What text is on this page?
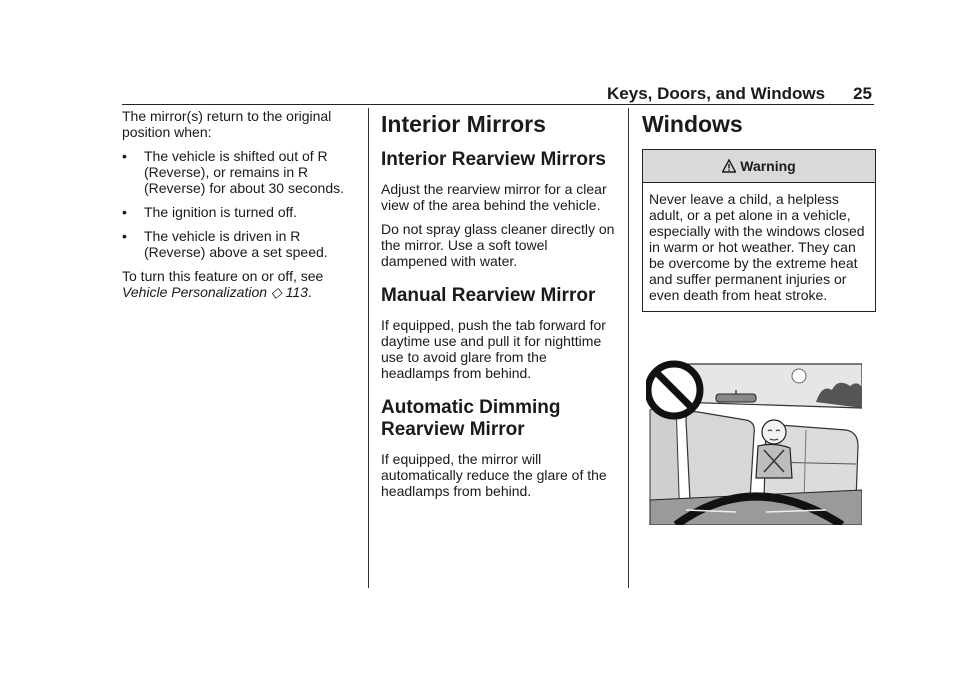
Keys, Doors, and Windows 25

The mirror(s) return to the original position when:

• The vehicle is shifted out of R (Reverse), or remains in R (Reverse) for about 30 seconds.
• The ignition is turned off.
• The vehicle is driven in R (Reverse) above a set speed.

To turn this feature on or off, see Vehicle Personalization ◇ 113.

Interior Mirrors
Interior Rearview Mirrors

Adjust the rearview mirror for a clear view of the area behind the vehicle.

Do not spray glass cleaner directly on the mirror. Use a soft towel dampened with water.

Manual Rearview Mirror

If equipped, push the tab forward for daytime use and pull it for nighttime use to avoid glare from the headlamps from behind.

Automatic Dimming Rearview Mirror

If equipped, the mirror will automatically reduce the glare of the headlamps from behind.

Windows
Warning
Never leave a child, a helpless adult, or a pet alone in a vehicle, especially with the windows closed in warm or hot weather. They can be overcome by the extreme heat and suffer permanent injuries or even death from heat stroke.
